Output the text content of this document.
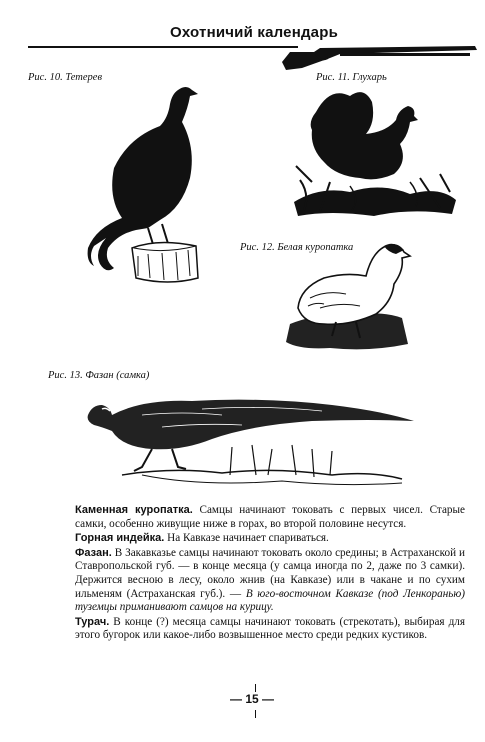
Охотничий календарь
Рис. 10. Тетерев	Рис. 11. Глухарь
Рис. 12. Белая куропатка
Рис. 13. Фазан (самка)

Каменная куропатка. Самцы начинают токовать с первых чисел. Старые самки, особенно живущие ниже в горах, во второй половине несутся.

Горная индейка. На Кавказе начинает спариваться.

Фазан. В Закавказье самцы начинают токовать около средины; в Астраханской и Ставропольской губ. — в конце месяца (у самца иногда по 2, даже по 3 самки). Держится весною в лесу, около жнив (на Кавказе) или в чакане и по сухим ильменям (Астраханская губ.). — В юго-восточном Кавказе (под Ленкоранью) туземцы приманивают самцов на курицу.

Турач. В конце (?) месяца самцы начинают токовать (стрекотать), выбирая для этого бугорок или какое-либо возвышенное место среди редких кустиков.

— 15 —
